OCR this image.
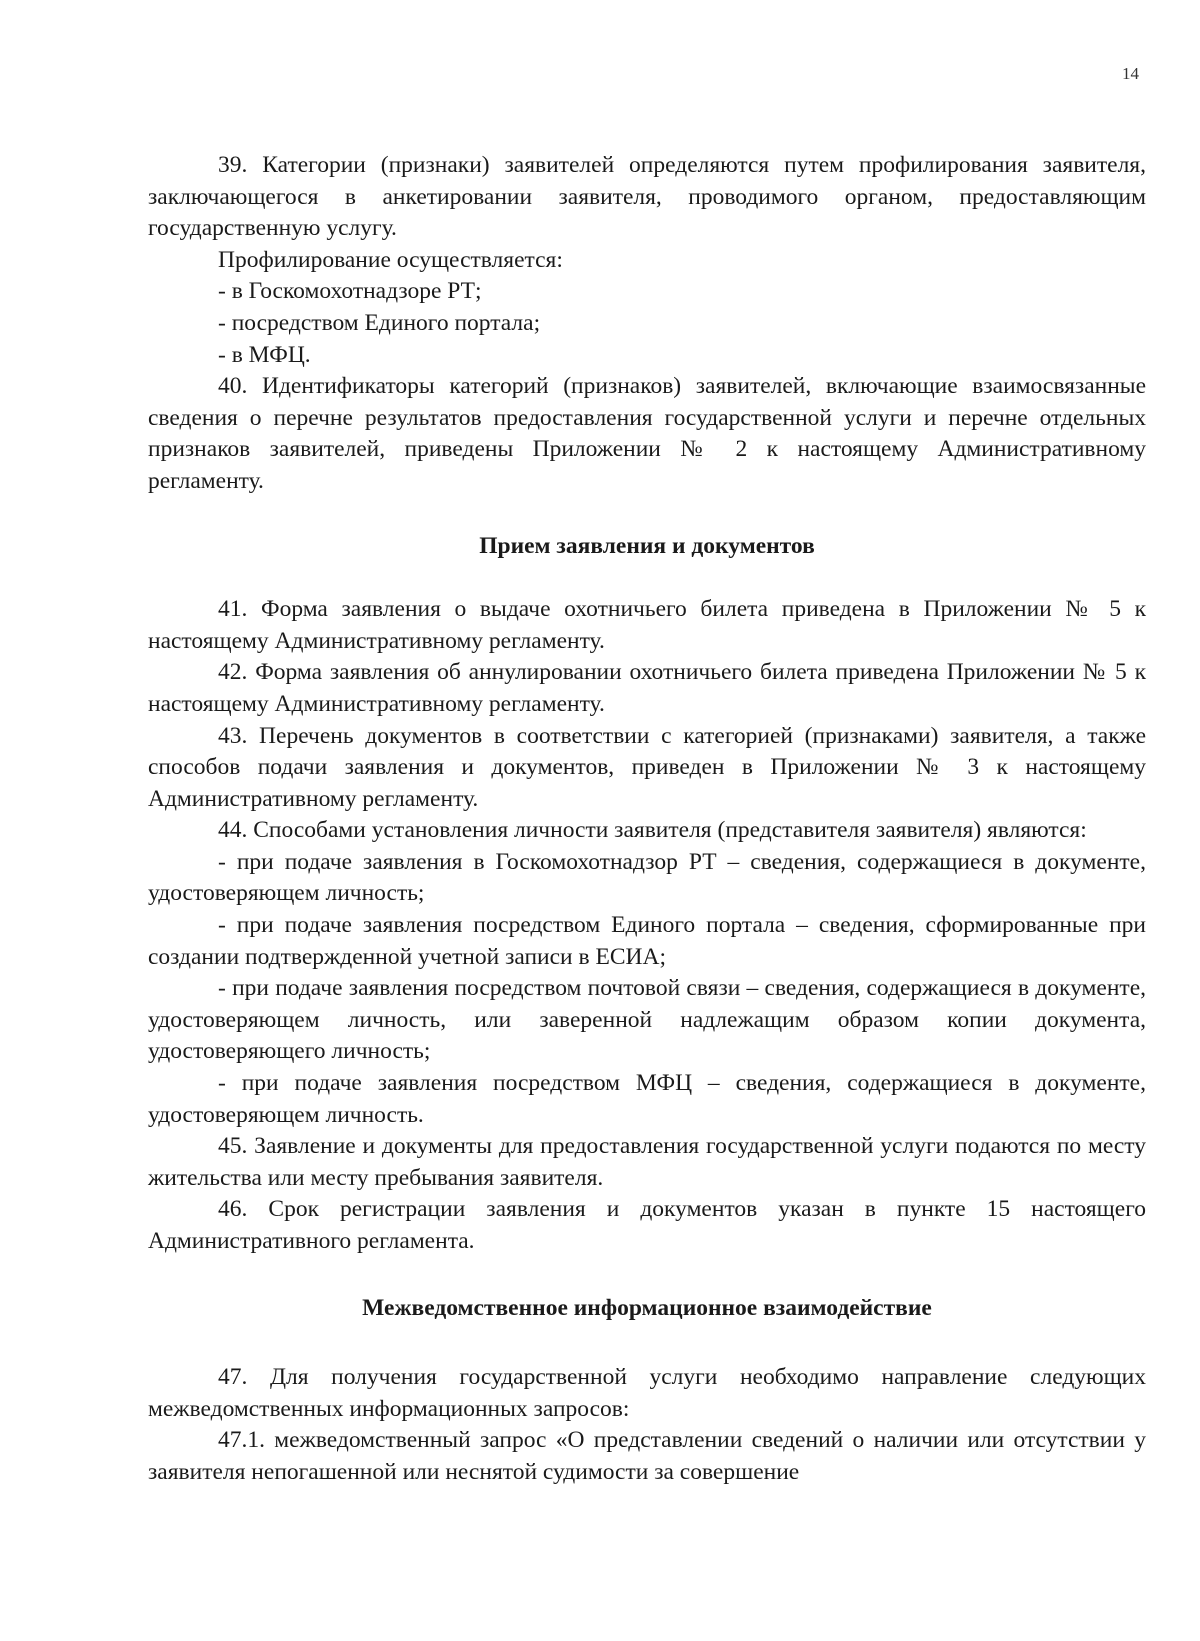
14

39. Категории (признаки) заявителей определяются путем профилирования заявителя, заключающегося в анкетировании заявителя, проводимого органом, предоставляющим государственную услугу.

Профилирование осуществляется:

- в Госкомохотнадзоре РТ;

- посредством Единого портала;

- в МФЦ.

40. Идентификаторы категорий (признаков) заявителей, включающие взаимосвязанные сведения о перечне результатов предоставления государственной услуги и перечне отдельных признаков заявителей, приведены Приложении № 2 к настоящему Административному регламенту.

Прием заявления и документов

41. Форма заявления о выдаче охотничьего билета приведена в Приложении № 5 к настоящему Административному регламенту.

42. Форма заявления об аннулировании охотничьего билета приведена Приложении № 5 к настоящему Административному регламенту.

43. Перечень документов в соответствии с категорией (признаками) заявителя, а также способов подачи заявления и документов, приведен в Приложении № 3 к настоящему Административному регламенту.

44. Способами установления личности заявителя (представителя заявителя) являются:

- при подаче заявления в Госкомохотнадзор РТ – сведения, содержащиеся в документе, удостоверяющем личность;

- при подаче заявления посредством Единого портала – сведения, сформированные при создании подтвержденной учетной записи в ЕСИА;

- при подаче заявления посредством почтовой связи – сведения, содержащиеся в документе, удостоверяющем личность, или заверенной надлежащим образом копии документа, удостоверяющего личность;

- при подаче заявления посредством МФЦ – сведения, содержащиеся в документе, удостоверяющем личность.

45. Заявление и документы для предоставления государственной услуги подаются по месту жительства или месту пребывания заявителя.

46. Срок регистрации заявления и документов указан в пункте 15 настоящего Административного регламента.

Межведомственное информационное взаимодействие

47. Для получения государственной услуги необходимо направление следующих межведомственных информационных запросов:

47.1. межведомственный запрос «О представлении сведений о наличии или отсутствии у заявителя непогашенной или неснятой судимости за совершение
